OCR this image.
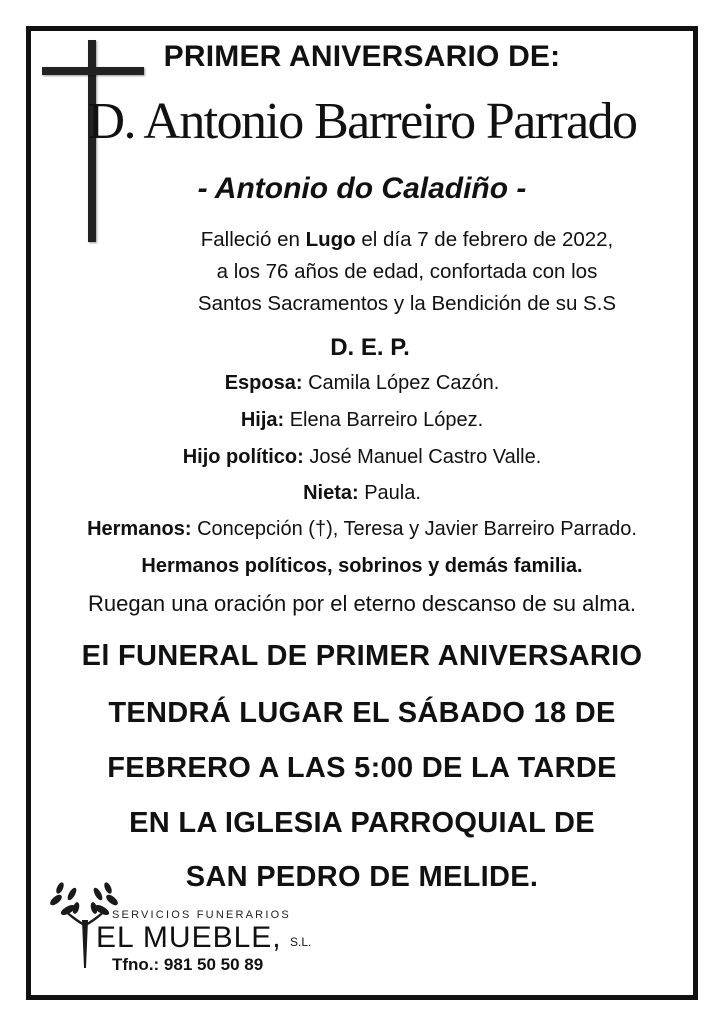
PRIMER ANIVERSARIO DE:
D. Antonio Barreiro Parrado
- Antonio do Caladiño -
Falleció en Lugo el día 7 de febrero de 2022,
a los 76 años de edad, confortada con los
Santos Sacramentos y la Bendición de su S.S
D. E. P.
Esposa: Camila López Cazón.
Hija: Elena Barreiro López.
Hijo político: José Manuel Castro Valle.
Nieta: Paula.
Hermanos: Concepción (†), Teresa y Javier Barreiro Parrado.
Hermanos políticos, sobrinos y demás familia.
Ruegan una oración por el eterno descanso de su alma.
El FUNERAL DE PRIMER ANIVERSARIO
TENDRÁ LUGAR EL SÁBADO 18 DE
FEBRERO A LAS 5:00 DE LA TARDE
EN LA IGLESIA PARROQUIAL DE
SAN PEDRO DE MELIDE.
SERVICIOS FUNERARIOS
EL MUEBLE, S.L.
Tfno.: 981 50 50 89
